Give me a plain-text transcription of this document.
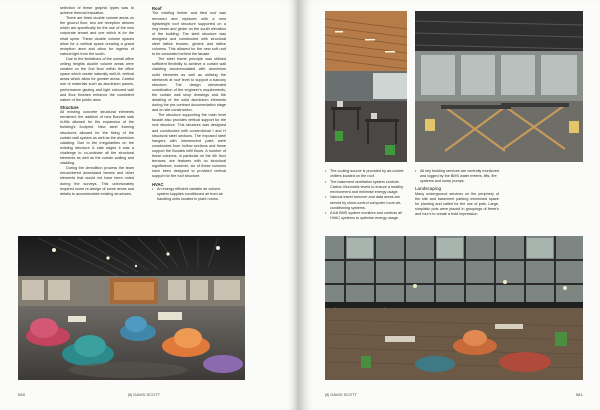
selection of these graphic types was to achieve thermal insulation.

There are three double volume areas on the ground floor, two are reception atriums which are specifically for the use of the new corporate tenant and one which is for the retail spine. These double volume spaces allow for a vertical space creating a grand reception area and allow for ingress of natural light from the south.

Due to the limitations of the overall office ceiling heights double volume areas were created on the 2nd floor within the office space which create naturally well-lit, vertical areas which allow for greater areas. Careful use of materials such as aluminium panels, performance glazing and light coloured wall and floor finishes enhance the consistent nature of the public area.

Structure

All existing concrete structural elements remained; the addition of new Bondek slab in-fills allowed for the expansion of the building's footprint. New steel framing structures allowed for the fixing of the curtain wall system as well as the aluminium cladding. Due to the irregularities on the existing structure & slab edges it was a challenge to co-ordinate all the structural elements as well as the curtain walling and cladding.

During the demolition process the team encountered downstand beams and other elements that would not have been noted during the surveys. This unfortunately required some re-design of some areas and details to accommodate existing structures.

Roof

The existing timber and tiled roof was removed and replaced with a new lightweight roof structure supported on a ring beam and girder on the south elevation of the building. The steel structure was designed and constructed with structural steel lattice trusses, girders and lattice columns. This allowed for the new soft roof to be concealed behind the facade.

The steel frame principle was utilised sufficient flexibility to achieve a curtain wall cladding accommodated with aluminium solid elements as well as utilising the steelwork at roof level to support a balcony structure. The design demanded coordination of the engineer's requirements, the curtain wall shop drawings and the detailing of the solid aluminium elements during the pre-contract documentation stage and on site construction.

The structure supporting the main level facade also provides vertical support for the roof structure. This structure was designed and constructed with conventional I and H structural steel sections. The exposed steel hangers with intumescent paint were constructed from hollow sections and these support the Bondek infill floors. A number of these columns, in particular on the 4th floor terraces, are features with no structural significance, however, six of these columns have been designed to provided vertical support for the roof structure.

HVAC
• An energy efficient variable air volume system supplies conditioned air from air handling units located in plant rooms.
580	|5| DAVID SCOTT
• The cooling source is provided by air-cooled chillers located on the roof.
• The basement ventilation system controls Carbon Monoxide levels to ensure a healthy environment and minimise energy usage.
• Various travel turnover and data areas are served by close-control computer room air-conditioning systems.
• A full BMS system monitors and controls all HVAC systems to optimise energy usage.
• All key building services are centrally monitored and logged by the BMS water meters, lifts, fire systems and sump pumps.
Landscaping

Many underground services on the periphery of the site and basement parking minimised space for planting and called for the use of pots. Large, simplistic pots were placed in groupings of three's and four's to create a bold impression

|5| DAVID SCOTT	581
